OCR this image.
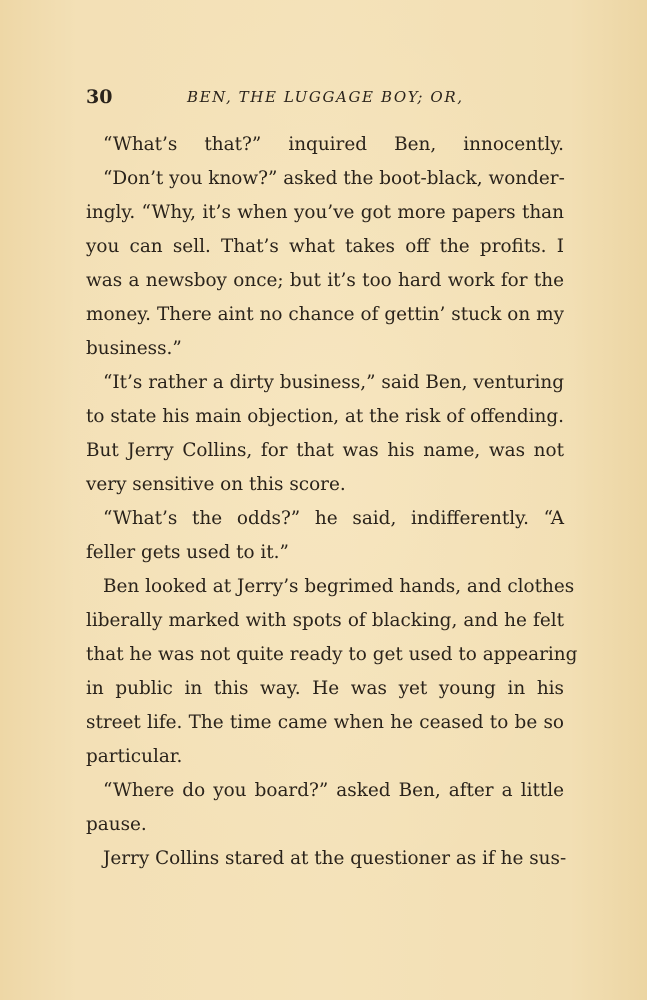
30	BEN, THE LUGGAGE BOY; OR,
“What’s that?” inquired Ben, innocently.
“Don’t you know?” asked the boot-black, wonder-
ingly. “Why, it’s when you’ve got more papers than
you can sell. That’s what takes off the profits. I
was a newsboy once; but it’s too hard work for the
money. There aint no chance of gettin’ stuck on my
business.”
“It’s rather a dirty business,” said Ben, venturing
to state his main objection, at the risk of offending.
But Jerry Collins, for that was his name, was not
very sensitive on this score.
“What’s the odds?” he said, indifferently. “A
feller gets used to it.”
Ben looked at Jerry’s begrimed hands, and clothes
liberally marked with spots of blacking, and he felt
that he was not quite ready to get used to appearing
in public in this way. He was yet young in his
street life. The time came when he ceased to be so
particular.
“Where do you board?” asked Ben, after a little
pause.
Jerry Collins stared at the questioner as if he sus-
